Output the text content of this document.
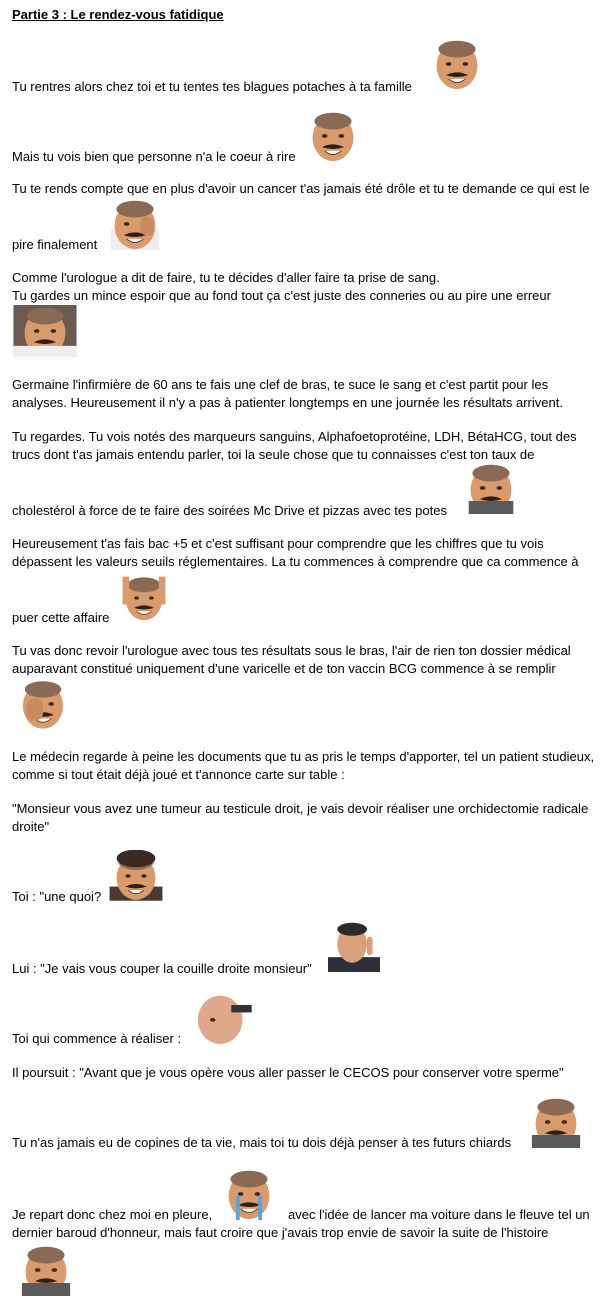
Partie 3 : Le rendez-vous fatidique

Tu rentres alors chez toi et tu tentes tes blagues potaches à ta famille

Mais tu vois bien que personne n'a le coeur à rire

Tu te rends compte que en plus d'avoir un cancer t'as jamais été drôle et tu te demande ce qui est le

pire finalement

Comme l'urologue a dit de faire, tu te décides d'aller faire ta prise de sang.

Tu gardes un mince espoir que au fond tout ça c'est juste des conneries ou au pire une erreur

Germaine l'infirmière de 60 ans te fais une clef de bras, te suce le sang et c'est partit pour les

analyses. Heureusement il n'y a pas à patienter longtemps en une journée les résultats arrivent.

Tu regardes. Tu vois notés des marqueurs sanguins, Alphafoetoprotéine, LDH, BétaHCG, tout des

trucs dont t'as jamais entendu parler, toi la seule chose que tu connaisses c'est ton taux de

cholestérol à force de te faire des soirées Mc Drive et pizzas avec tes potes

Heureusement t'as fais bac +5 et c'est suffisant pour comprendre que les chiffres que tu vois

dépassent les valeurs seuils réglementaires. La tu commences à comprendre que ca commence à

puer cette affaire

Tu vas donc revoir l'urologue avec tous tes résultats sous le bras, l'air de rien ton dossier médical

auparavant constitué uniquement d'une varicelle et de ton vaccin BCG commence à se remplir

Le médecin regarde à peine les documents que tu as pris le temps d'apporter, tel un patient studieux,

comme si tout était déjà joué et t'annonce carte sur table :

"Monsieur vous avez une tumeur au testicule droit, je vais devoir réaliser une orchidectomie radicale

droite"

Toi : "une quoi?

Lui : "Je vais vous couper la couille droite monsieur"

Toi qui commence à réaliser :

Il poursuit : "Avant que je vous opère vous aller passer le CECOS pour conserver votre sperme"

Tu n'as jamais eu de copines de ta vie, mais toi tu dois déjà penser à tes futurs chiards

Je repart donc chez moi en pleure,	avec l'idée de lancer ma voiture dans le fleuve tel un

dernier baroud d'honneur, mais faut croire que j'avais trop envie de savoir la suite de l'histoire
